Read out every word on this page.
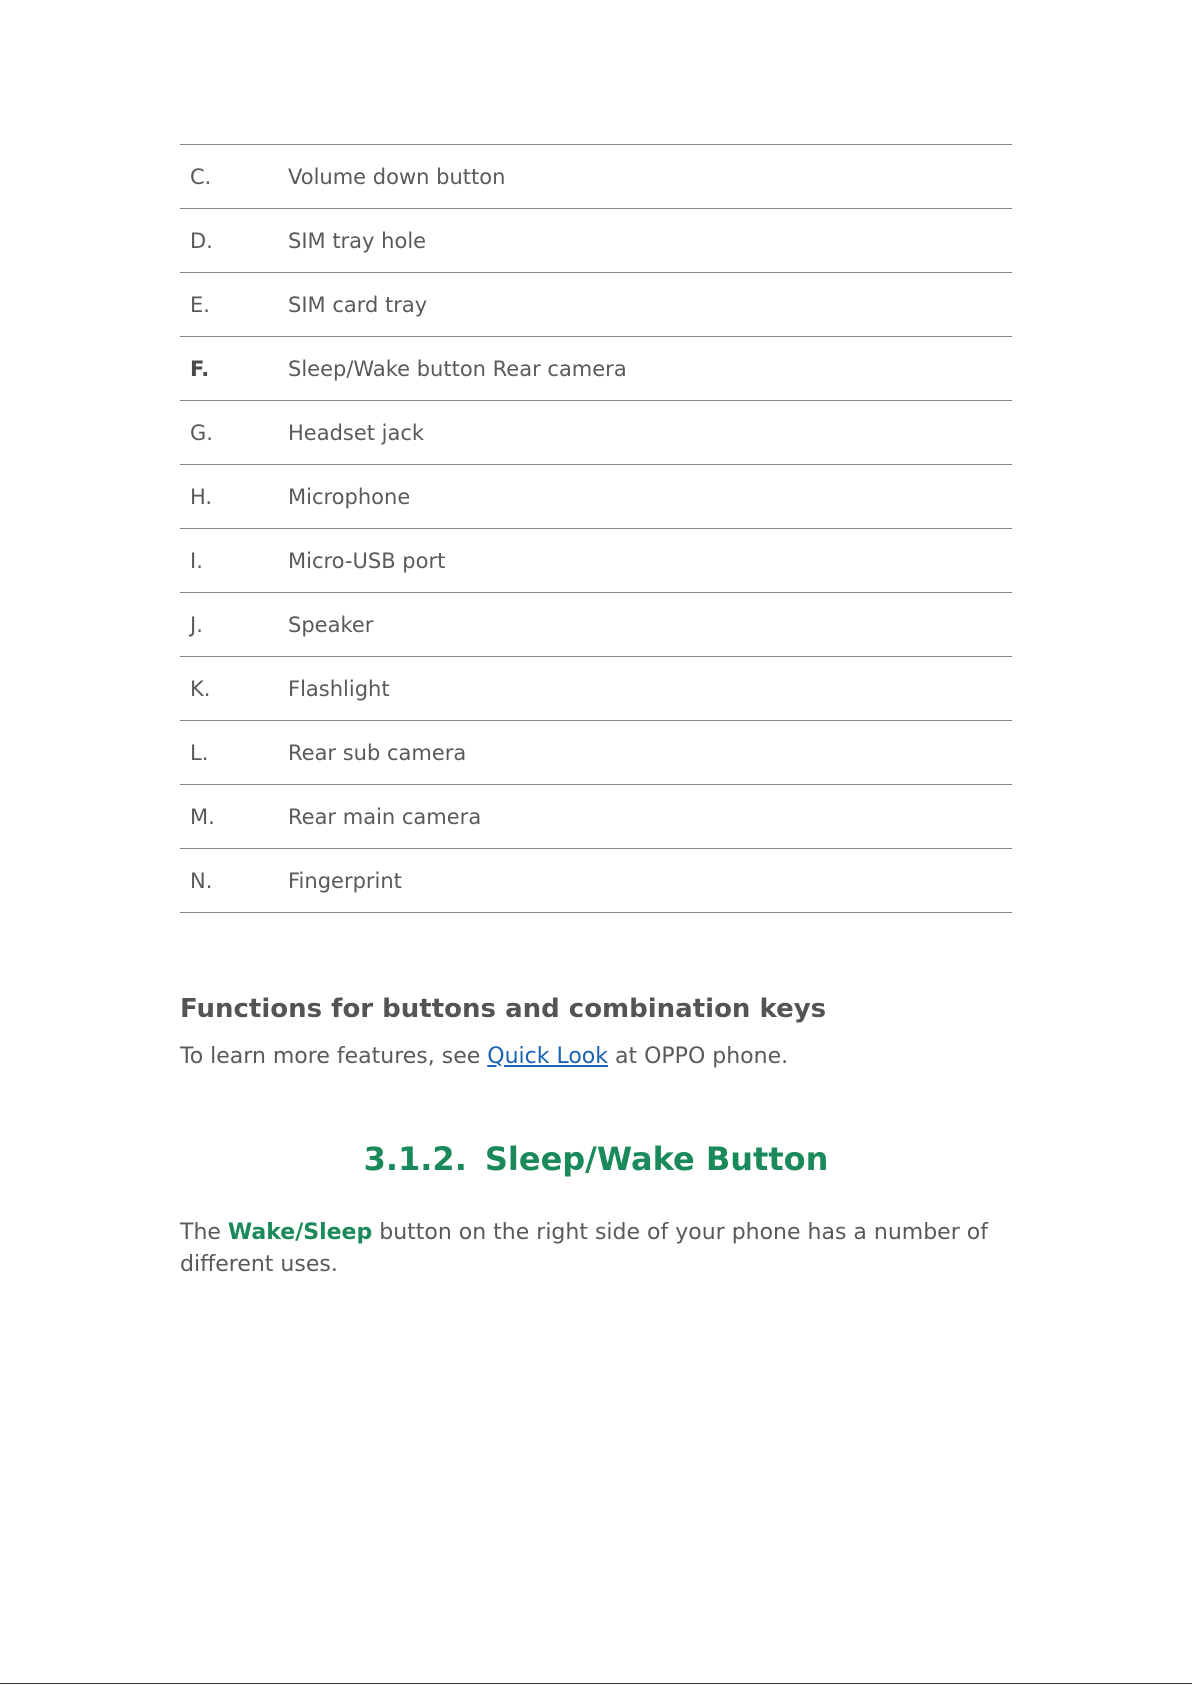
C.	Volume down button
D.	SIM tray hole
E.	SIM card tray
F.	Sleep/Wake button Rear camera
G.	Headset jack
H.	Microphone
I.	Micro-USB port
J.	Speaker
K.	Flashlight
L.	Rear sub camera
M.	Rear main camera
N.	Fingerprint
Functions for buttons and combination keys

To learn more features, see Quick Look at OPPO phone.

3.1.2. Sleep/Wake Button

The Wake/Sleep button on the right side of your phone has a number of different uses.
